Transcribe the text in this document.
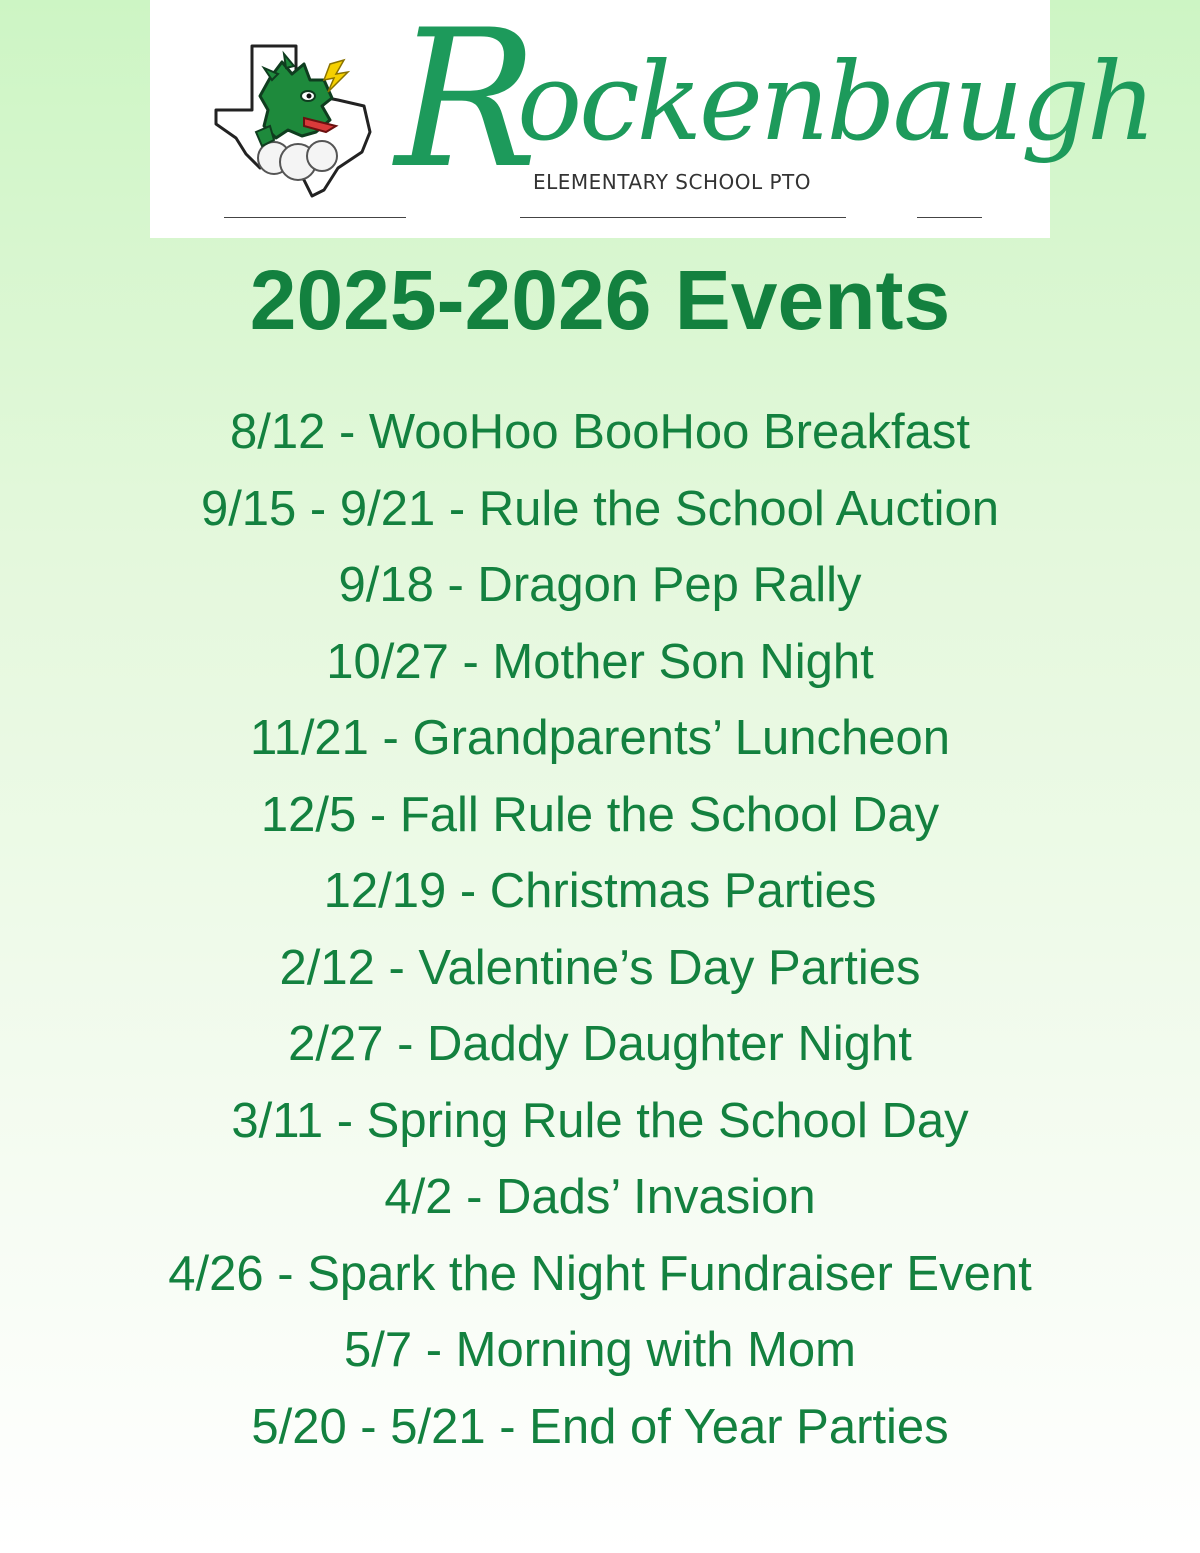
Rockenbaugh

ELEMENTARY SCHOOL PTO

2025-2026 Events
8/12 - WooHoo BooHoo Breakfast
9/15 - 9/21 - Rule the School Auction
9/18 - Dragon Pep Rally
10/27 - Mother Son Night
11/21 - Grandparents’ Luncheon
12/5 - Fall Rule the School Day
12/19 - Christmas Parties
2/12 - Valentine’s Day Parties
2/27 - Daddy Daughter Night
3/11 - Spring Rule the School Day
4/2 - Dads’ Invasion
4/26 - Spark the Night Fundraiser Event
5/7 - Morning with Mom
5/20 - 5/21 - End of Year Parties
